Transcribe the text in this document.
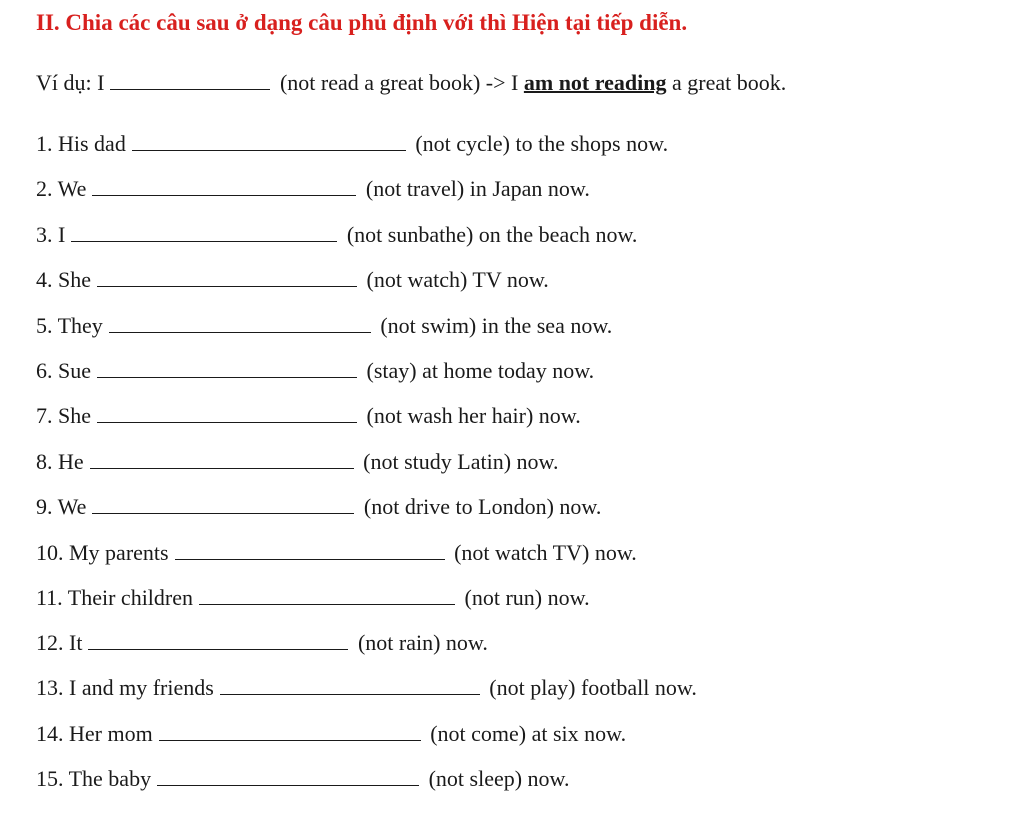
II. Chia các câu sau ở dạng câu phủ định với thì Hiện tại tiếp diễn.
Ví dụ: I	(not read a great book) -> I am not reading a great book.
1. His dad	(not cycle) to the shops now.
2. We	(not travel) in Japan now.
3. I	(not sunbathe) on the beach now.
4. She	(not watch) TV now.
5. They	(not swim) in the sea now.
6. Sue	(stay) at home today now.
7. She	(not wash her hair) now.
8. He	(not study Latin) now.
9. We	(not drive to London) now.
10. My parents	(not watch TV) now.
11. Their children	(not run) now.
12. It	(not rain) now.
13. I and my friends	(not play) football now.
14. Her mom	(not come) at six now.
15. The baby	(not sleep) now.
